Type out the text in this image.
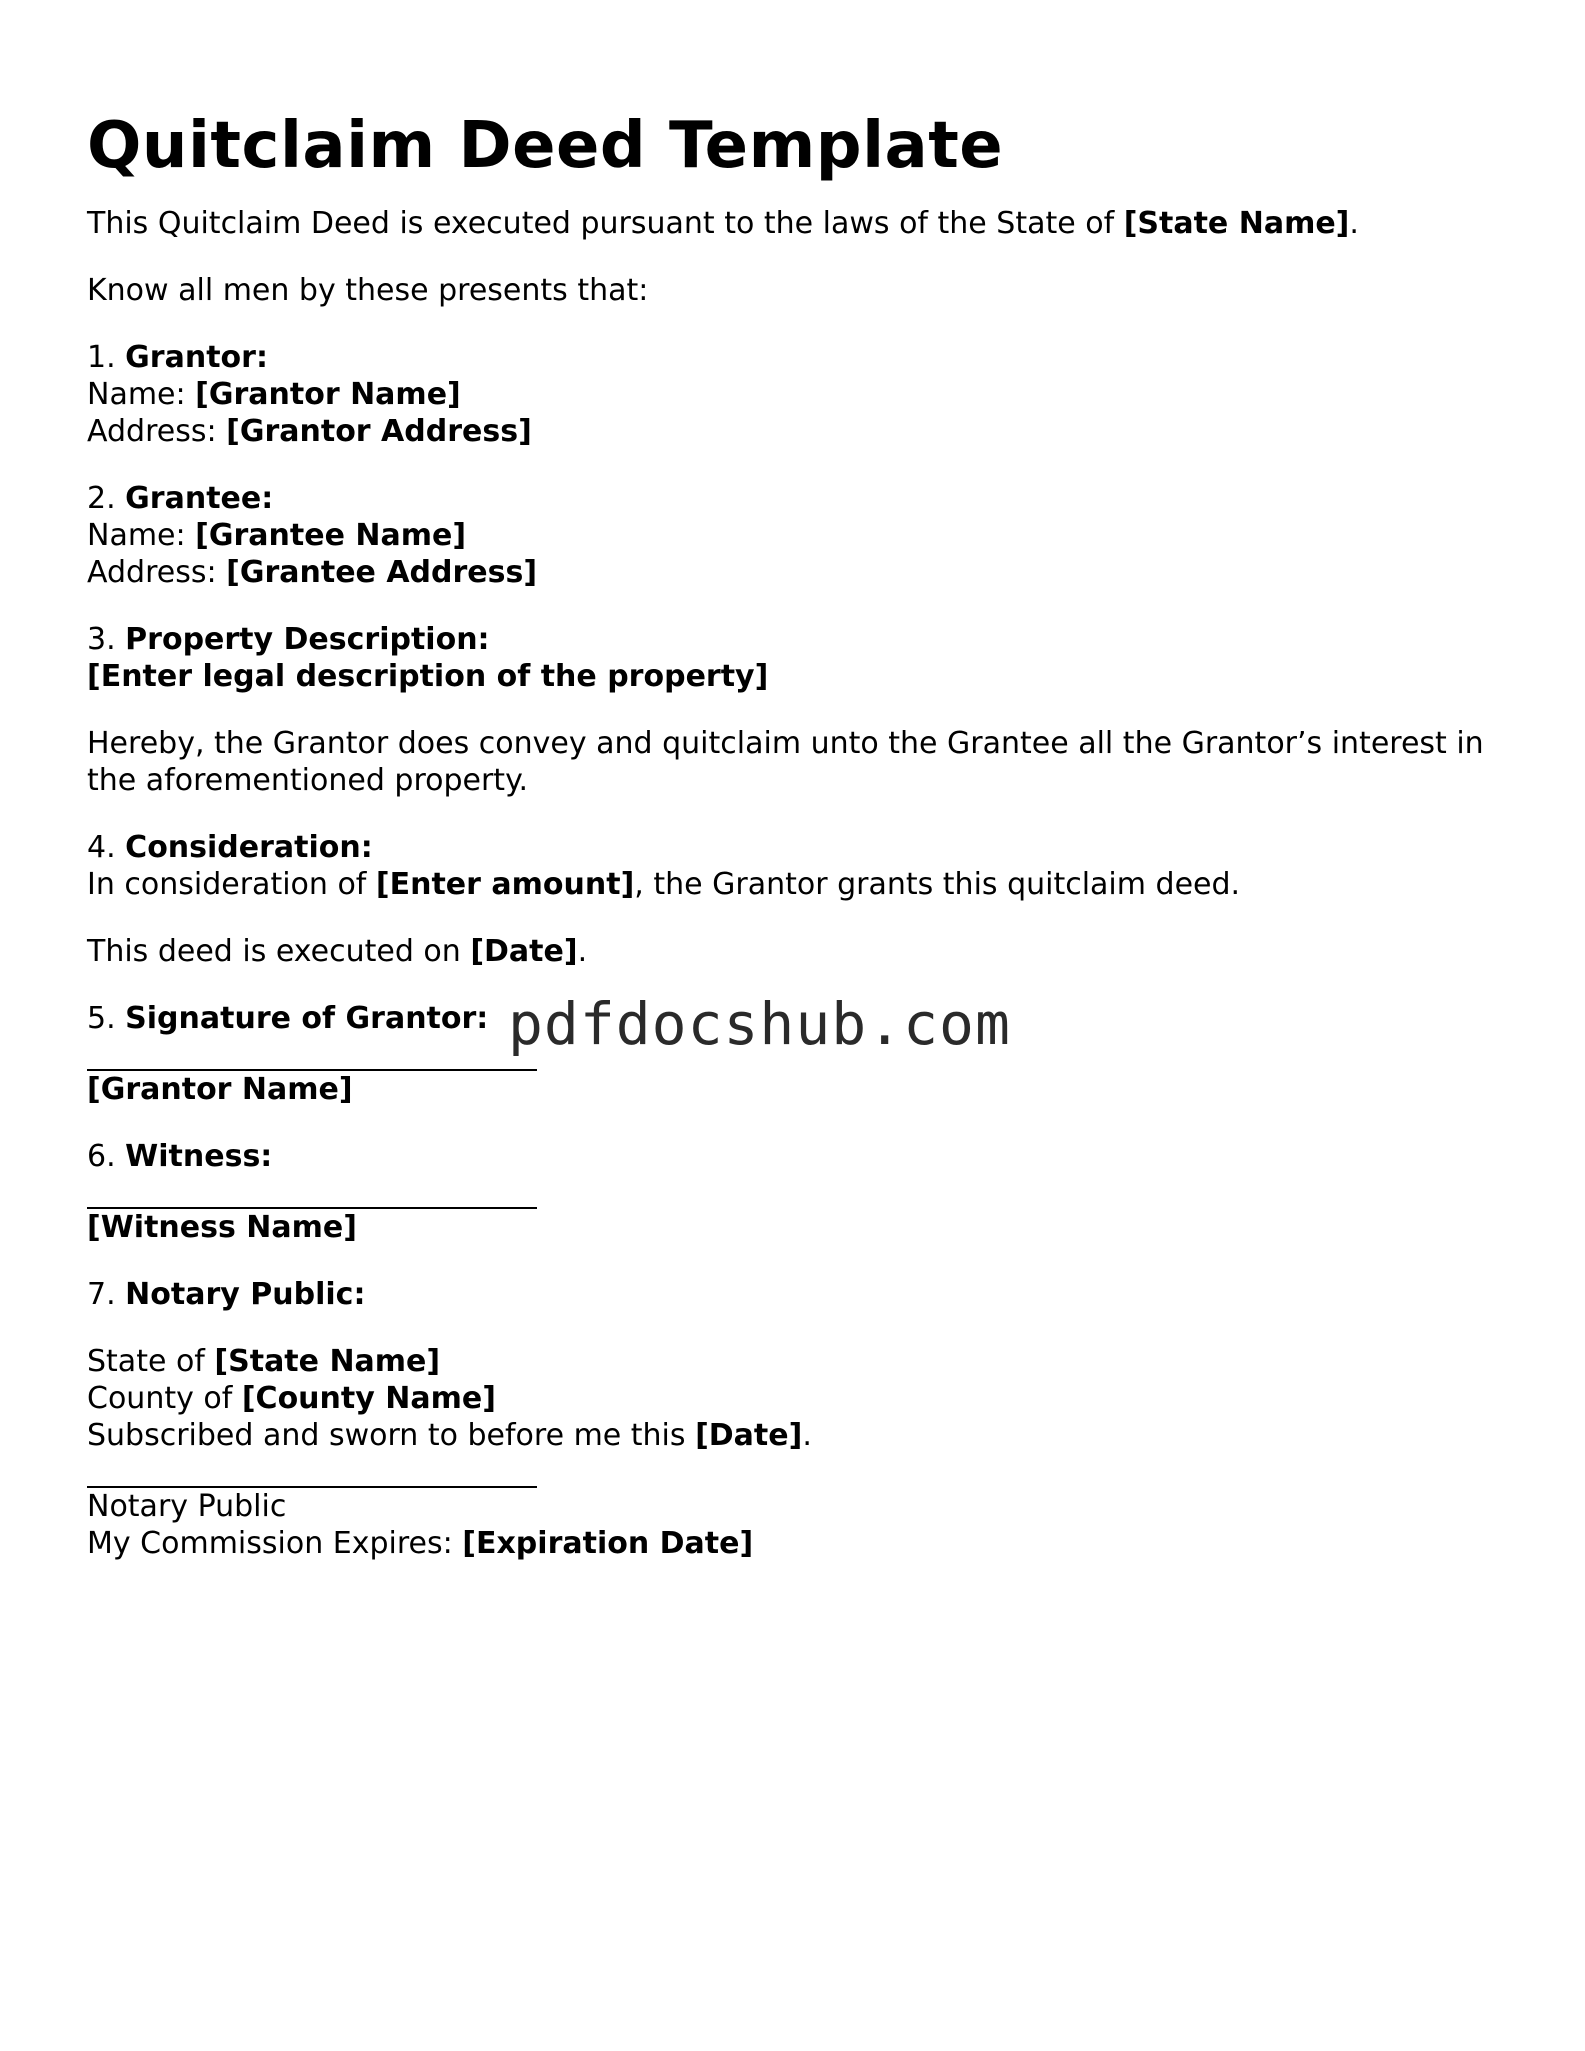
Quitclaim Deed Template

This Quitclaim Deed is executed pursuant to the laws of the State of [State Name].

Know all men by these presents that:

1. Grantor:
Name: [Grantor Name]
Address: [Grantor Address]

2. Grantee:
Name: [Grantee Name]
Address: [Grantee Address]

3. Property Description:
[Enter legal description of the property]

Hereby, the Grantor does convey and quitclaim unto the Grantee all the Grantor’s interest in the aforementioned property.

4. Consideration:
In consideration of [Enter amount], the Grantor grants this quitclaim deed.

This deed is executed on [Date].

5. Signature of Grantor:

[Grantor Name]

6. Witness:

[Witness Name]

7. Notary Public:

State of [State Name]
County of [County Name]
Subscribed and sworn to before me this [Date].

Notary Public
My Commission Expires: [Expiration Date]

pdfdocshub.com
